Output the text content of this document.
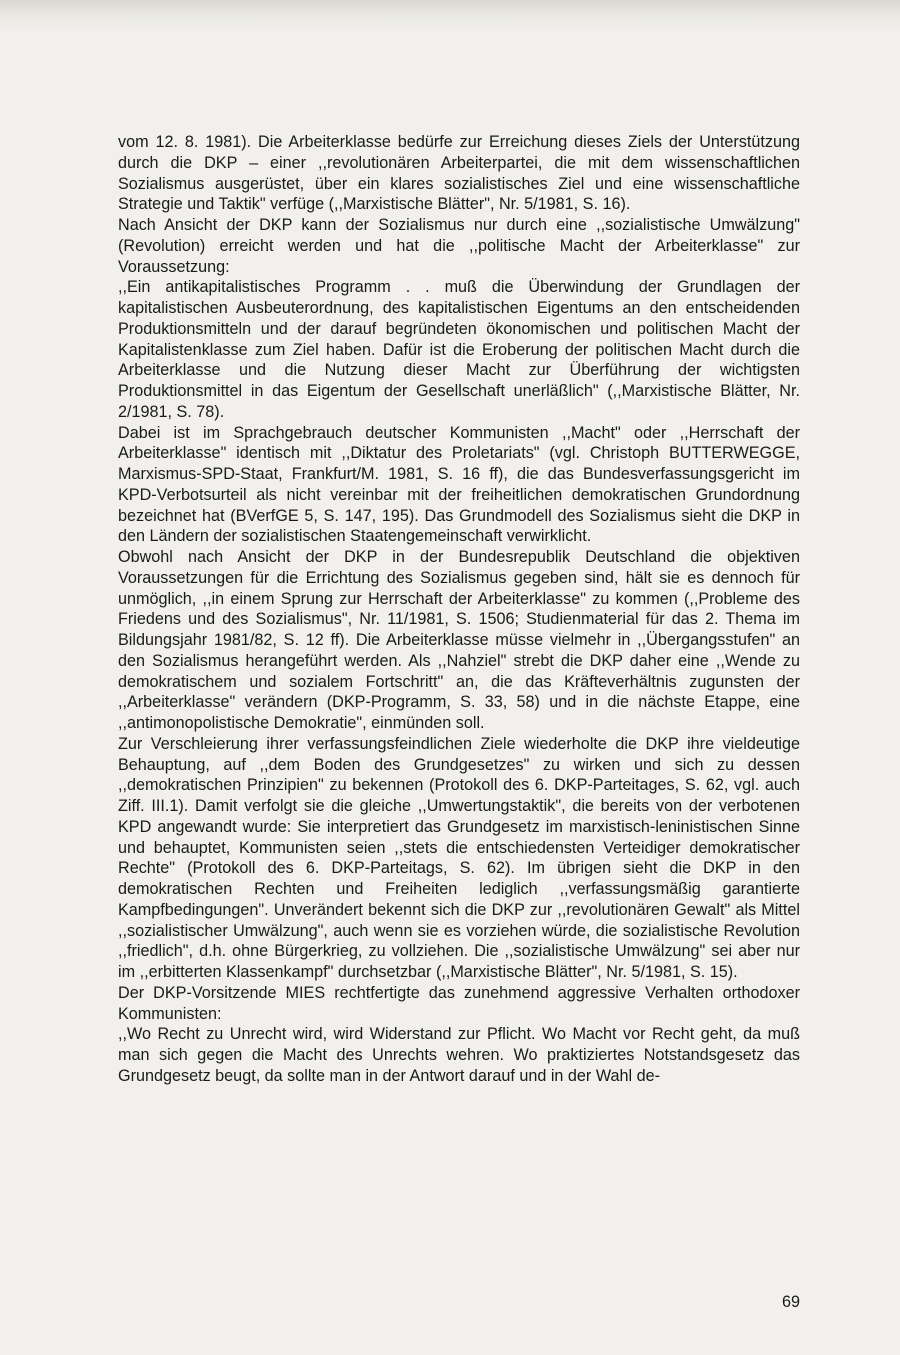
vom 12. 8. 1981). Die Arbeiterklasse bedürfe zur Erreichung dieses Ziels der Unterstützung durch die DKP – einer ,,revolutionären Arbeiterpartei, die mit dem wissenschaftlichen Sozialismus ausgerüstet, über ein klares sozialistisches Ziel und eine wissenschaftliche Strategie und Taktik" verfüge (,,Marxistische Blätter", Nr. 5/1981, S. 16).

Nach Ansicht der DKP kann der Sozialismus nur durch eine ,,sozialistische Umwälzung" (Revolution) erreicht werden und hat die ,,politische Macht der Arbeiterklasse" zur Voraussetzung:

,,Ein antikapitalistisches Programm . . muß die Überwindung der Grundlagen der kapitalistischen Ausbeuterordnung, des kapitalistischen Eigentums an den entscheidenden Produktionsmitteln und der darauf begründeten ökonomischen und politischen Macht der Kapitalistenklasse zum Ziel haben. Dafür ist die Eroberung der politischen Macht durch die Arbeiterklasse und die Nutzung dieser Macht zur Überführung der wichtigsten Produktionsmittel in das Eigentum der Gesellschaft unerläßlich" (,,Marxistische Blätter, Nr. 2/1981, S. 78).

Dabei ist im Sprachgebrauch deutscher Kommunisten ,,Macht" oder ,,Herrschaft der Arbeiterklasse" identisch mit ,,Diktatur des Proletariats" (vgl. Christoph BUTTERWEGGE, Marxismus-SPD-Staat, Frankfurt/M. 1981, S. 16 ff), die das Bundesverfassungsgericht im KPD-Verbotsurteil als nicht vereinbar mit der freiheitlichen demokratischen Grundordnung bezeichnet hat (BVerfGE 5, S. 147, 195). Das Grundmodell des Sozialismus sieht die DKP in den Ländern der sozialistischen Staatengemeinschaft verwirklicht.

Obwohl nach Ansicht der DKP in der Bundesrepublik Deutschland die objektiven Voraussetzungen für die Errichtung des Sozialismus gegeben sind, hält sie es dennoch für unmöglich, ,,in einem Sprung zur Herrschaft der Arbeiterklasse" zu kommen (,,Probleme des Friedens und des Sozialismus", Nr. 11/1981, S. 1506; Studienmaterial für das 2. Thema im Bildungsjahr 1981/82, S. 12 ff). Die Arbeiterklasse müsse vielmehr in ,,Übergangsstufen" an den Sozialismus herangeführt werden. Als ,,Nahziel" strebt die DKP daher eine ,,Wende zu demokratischem und sozialem Fortschritt" an, die das Kräfteverhältnis zugunsten der ,,Arbeiterklasse" verändern (DKP-Programm, S. 33, 58) und in die nächste Etappe, eine ,,antimonopolistische Demokratie", einmünden soll.

Zur Verschleierung ihrer verfassungsfeindlichen Ziele wiederholte die DKP ihre vieldeutige Behauptung, auf ,,dem Boden des Grundgesetzes" zu wirken und sich zu dessen ,,demokratischen Prinzipien" zu bekennen (Protokoll des 6. DKP-Parteitages, S. 62, vgl. auch Ziff. III.1). Damit verfolgt sie die gleiche ,,Umwertungstaktik", die bereits von der verbotenen KPD angewandt wurde: Sie interpretiert das Grundgesetz im marxistisch-leninistischen Sinne und behauptet, Kommunisten seien ,,stets die entschiedensten Verteidiger demokratischer Rechte" (Protokoll des 6. DKP-Parteitags, S. 62). Im übrigen sieht die DKP in den demokratischen Rechten und Freiheiten lediglich ,,verfassungsmäßig garantierte Kampfbedingungen". Unverändert bekennt sich die DKP zur ,,revolutionären Gewalt" als Mittel ,,sozialistischer Umwälzung", auch wenn sie es vorziehen würde, die sozialistische Revolution ,,friedlich", d.h. ohne Bürgerkrieg, zu vollziehen. Die ,,sozialistische Umwälzung" sei aber nur im ,,erbitterten Klassenkampf" durchsetzbar (,,Marxistische Blätter", Nr. 5/1981, S. 15).

Der DKP-Vorsitzende MIES rechtfertigte das zunehmend aggressive Verhalten orthodoxer Kommunisten:

,,Wo Recht zu Unrecht wird, wird Widerstand zur Pflicht. Wo Macht vor Recht geht, da muß man sich gegen die Macht des Unrechts wehren. Wo praktiziertes Notstandsgesetz das Grundgesetz beugt, da sollte man in der Antwort darauf und in der Wahl de-

69
